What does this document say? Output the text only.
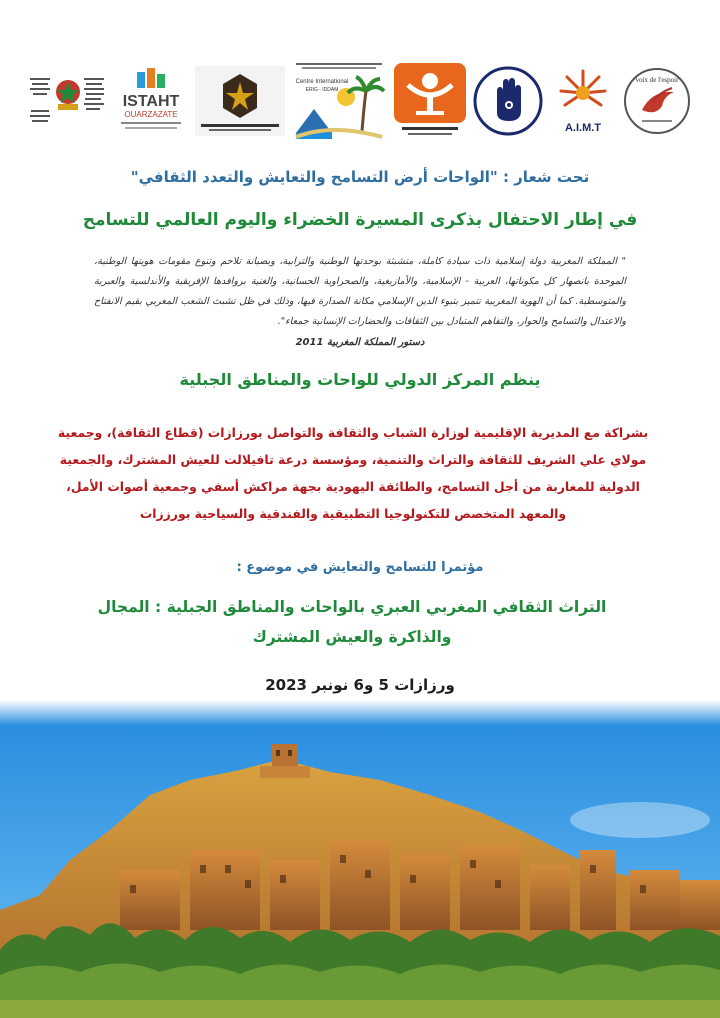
ISTAHT
OUARZAZATE
Centre International
ERIG - IDDAM
A.I.M.T
voix de l'espoir

تحت شعار : "الواحات أرض التسامح والتعايش والتعدد الثقافي"

في إطار الاحتفال بذكرى المسيرة الخضراء واليوم العالمي للتسامح

" المملكة المغربية دولة إسلامية ذات سيادة كاملة، متشبثة بوحدتها الوطنية والترابية، وبصيانة تلاحم وتنوع مقومات هويتها الوطنية، الموحدة بانصهار كل مكوناتها، العربية - الإسلامية، والأمازيغية، والصحراوية الحسانية، والغنية بروافدها الإفريقية والأندلسية والعبرية والمتوسطية. كما أن الهوية المغربية تتميز بتبوء الدين الإسلامي مكانة الصدارة فيها، وذلك في ظل تشبث الشعب المغربي بقيم الانفتاح والاعتدال والتسامح والحوار، والتفاهم المتبادل بين الثقافات والحضارات الإنسانية جمعاء".

دستور المملكة المغربية 2011

ينظم المركز الدولي للواحات والمناطق الجبلية

بشراكة مع المديرية الإقليمية لوزارة الشباب والثقافة والتواصل بورزازات (قطاع الثقافة)، وجمعية مولاي علي الشريف للثقافة والتراث والتنمية، ومؤسسة درعة تافيلالت للعيش المشترك، والجمعية الدولية للمغاربة من أجل التسامح، والطائفة اليهودية بجهة مراكش أسفي وجمعية أصوات الأمل، والمعهد المتخصص للتكنولوجيا التطبيقية والفندقية والسياحية بورززات

مؤتمرا للتسامح والتعايش في موضوع :

التراث الثقافي المغربي العبري بالواحات والمناطق الجبلية : المجال والذاكرة والعيش المشترك

ورزازات 5 و6 نونبر 2023
